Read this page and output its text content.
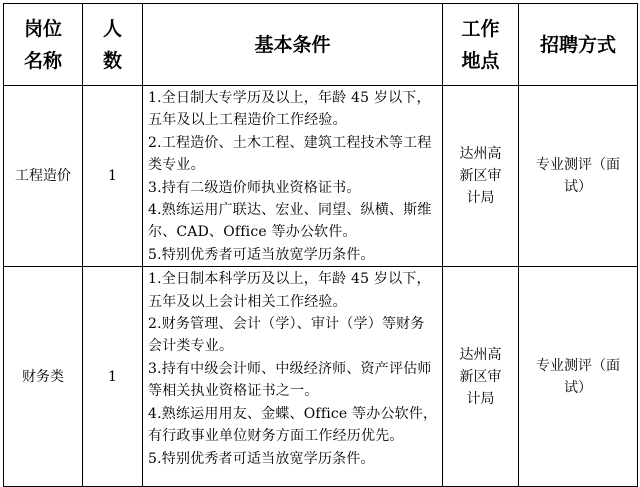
岗位名称	人数	基本条件	工作地点	招聘方式
工程造价	1	1.全日制大专学历及以上，年龄 45 岁以下， 五年及以上工程造价工作经验。
2.工程造价、土木工程、建筑工程技术等工程类专业。
3.持有二级造价师执业资格证书。
4.熟练运用广联达、宏业、同望、纵横、斯维尔、CAD、Office 等办公软件。
5.特别优秀者可适当放宽学历条件。	达州高新区审计局	专业测评（面试）
财务类	1	1.全日制本科学历及以上，年龄 45 岁以下， 五年及以上会计相关工作经验。
2.财务管理、会计（学）、审计（学）等财务会计类专业。
3.持有中级会计师、中级经济师、资产评估师等相关执业资格证书之一。
4.熟练运用用友、金蝶、Office 等办公软件，有行政事业单位财务方面工作经历优先。
5.特别优秀者可适当放宽学历条件。	达州高新区审计局	专业测评（面试）
